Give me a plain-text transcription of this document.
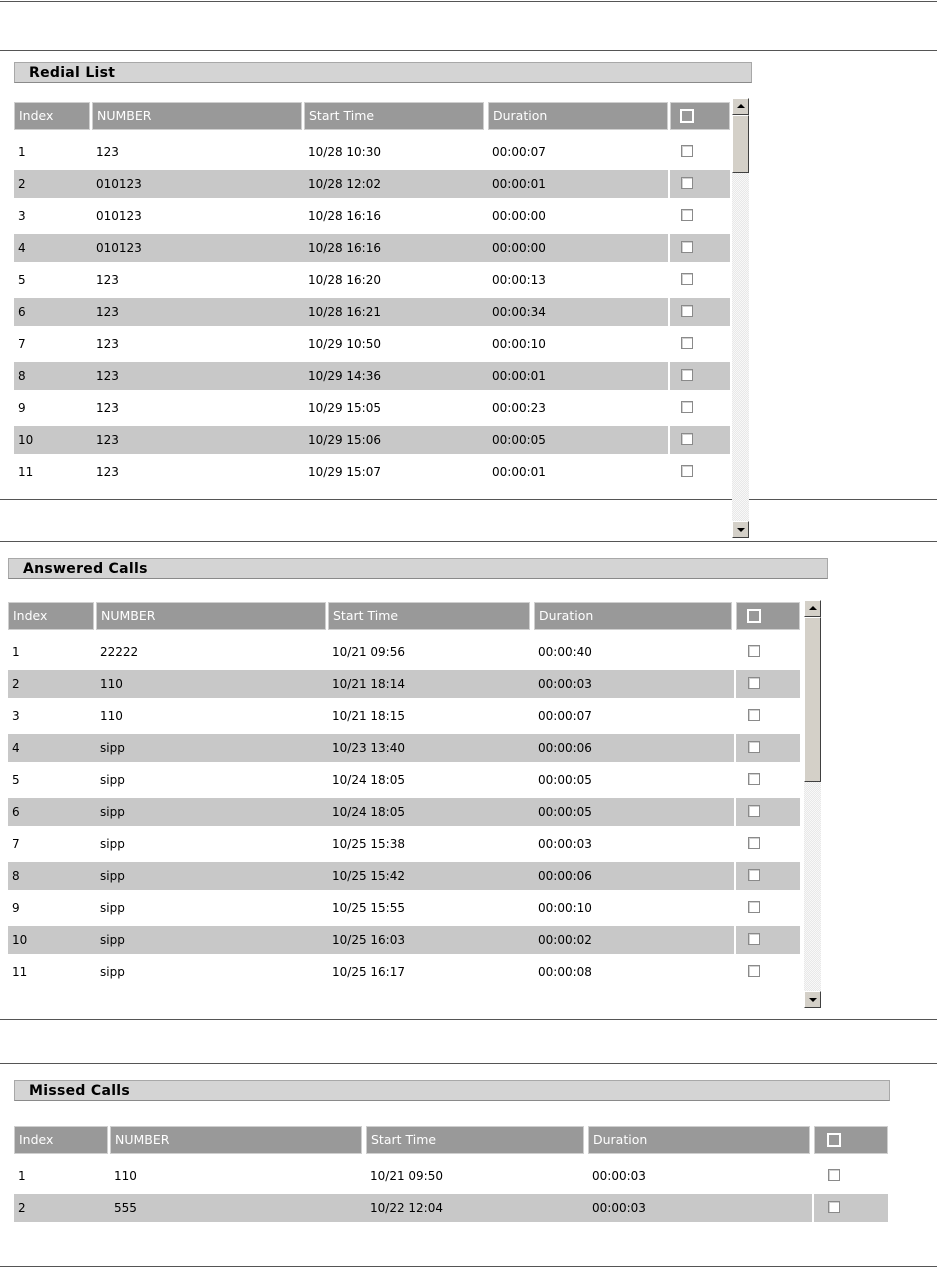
Redial List
Index	NUMBER	Start Time	Duration
1	123	10/28 10:30	00:00:07
2	010123	10/28 12:02	00:00:01
3	010123	10/28 16:16	00:00:00
4	010123	10/28 16:16	00:00:00
5	123	10/28 16:20	00:00:13
6	123	10/28 16:21	00:00:34
7	123	10/29 10:50	00:00:10
8	123	10/29 14:36	00:00:01
9	123	10/29 15:05	00:00:23
10	123	10/29 15:06	00:00:05
11	123	10/29 15:07	00:00:01
Answered Calls
Index	NUMBER	Start Time	Duration
1	22222	10/21 09:56	00:00:40
2	110	10/21 18:14	00:00:03
3	110	10/21 18:15	00:00:07
4	sipp	10/23 13:40	00:00:06
5	sipp	10/24 18:05	00:00:05
6	sipp	10/24 18:05	00:00:05
7	sipp	10/25 15:38	00:00:03
8	sipp	10/25 15:42	00:00:06
9	sipp	10/25 15:55	00:00:10
10	sipp	10/25 16:03	00:00:02
11	sipp	10/25 16:17	00:00:08
Missed Calls
Index	NUMBER	Start Time	Duration
1	110	10/21 09:50	00:00:03
2	555	10/22 12:04	00:00:03
